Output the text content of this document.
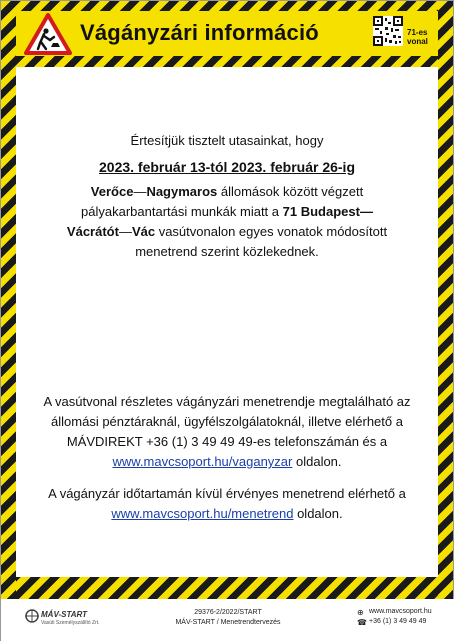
Vágányzári információ	71-es
vonal
Értesítjük tisztelt utasainkat, hogy
2023. február 13-tól 2023. február 26-ig
Verőce—Nagymaros állomások között végzett
pályakarbantartási munkák miatt a 71 Budapest—
Vácrátót—Vác vasútvonalon egyes vonatok módosított
menetrend szerint közlekednek.
A vasútvonal részletes vágányzári menetrendje megtalálható az
állomási pénztáraknál, ügyfélszolgálatoknál, illetve elérhető a
MÁVDIREKT +36 (1) 3 49 49 49-es telefonszámán és a
www.mavcsoport.hu/vaganyzar oldalon.
A vágányzár időtartamán kívül érvényes menetrend elérhető a
www.mavcsoport.hu/menetrend oldalon.
MÁV-START
Vasúti Személyszállító Zrt.
29376-2/2022/START
MÁV-START / Menetrendtervezés
⊕ www.mavcsoport.hu
☎ +36 (1) 3 49 49 49
